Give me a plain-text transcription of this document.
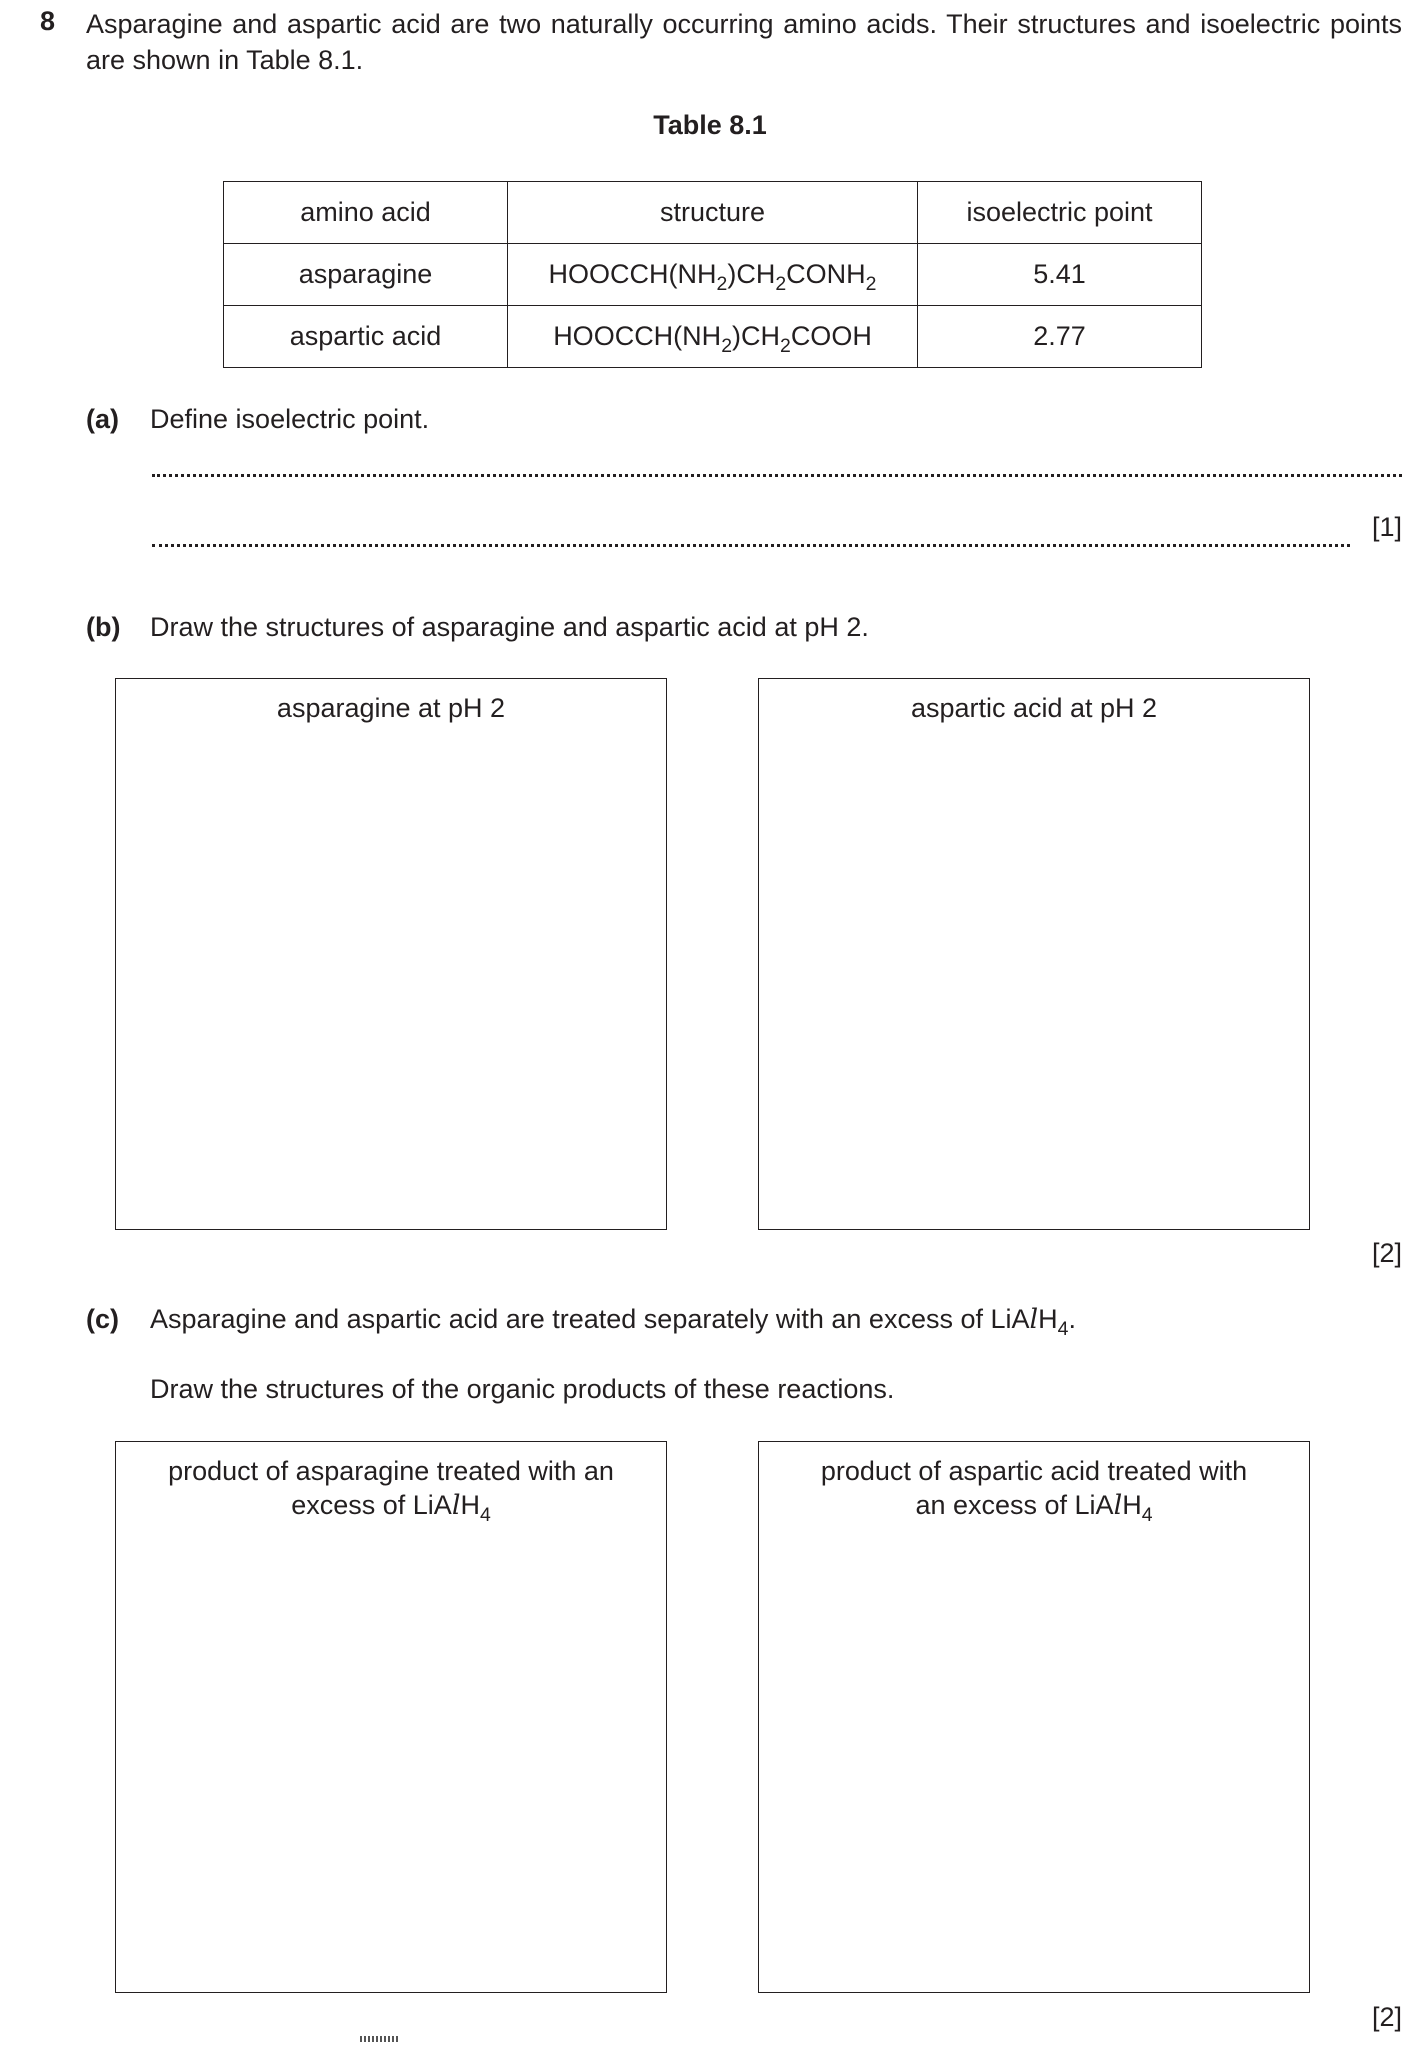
8 Asparagine and aspartic acid are two naturally occurring amino acids. Their structures and isoelectric points are shown in Table 8.1.
Table 8.1
amino acid	structure	isoelectric point
asparagine	$HOOCCH(NH_2)CH_2CONH_2$	5.41
aspartic acid	$HOOCCH(NH_2)CH_2COOH$	2.77
(a) Define isoelectric point.
[1]
(b) Draw the structures of asparagine and aspartic acid at pH 2.
asparagine at pH 2	aspartic acid at pH 2
[2]
(c) Asparagine and aspartic acid are treated separately with an excess of LiAlH$_4$.
Draw the structures of the organic products of these reactions.
product of asparagine treated with an
excess of LiAlH$_4$
product of aspartic acid treated with
an excess of LiAlH$_4$
[2]
